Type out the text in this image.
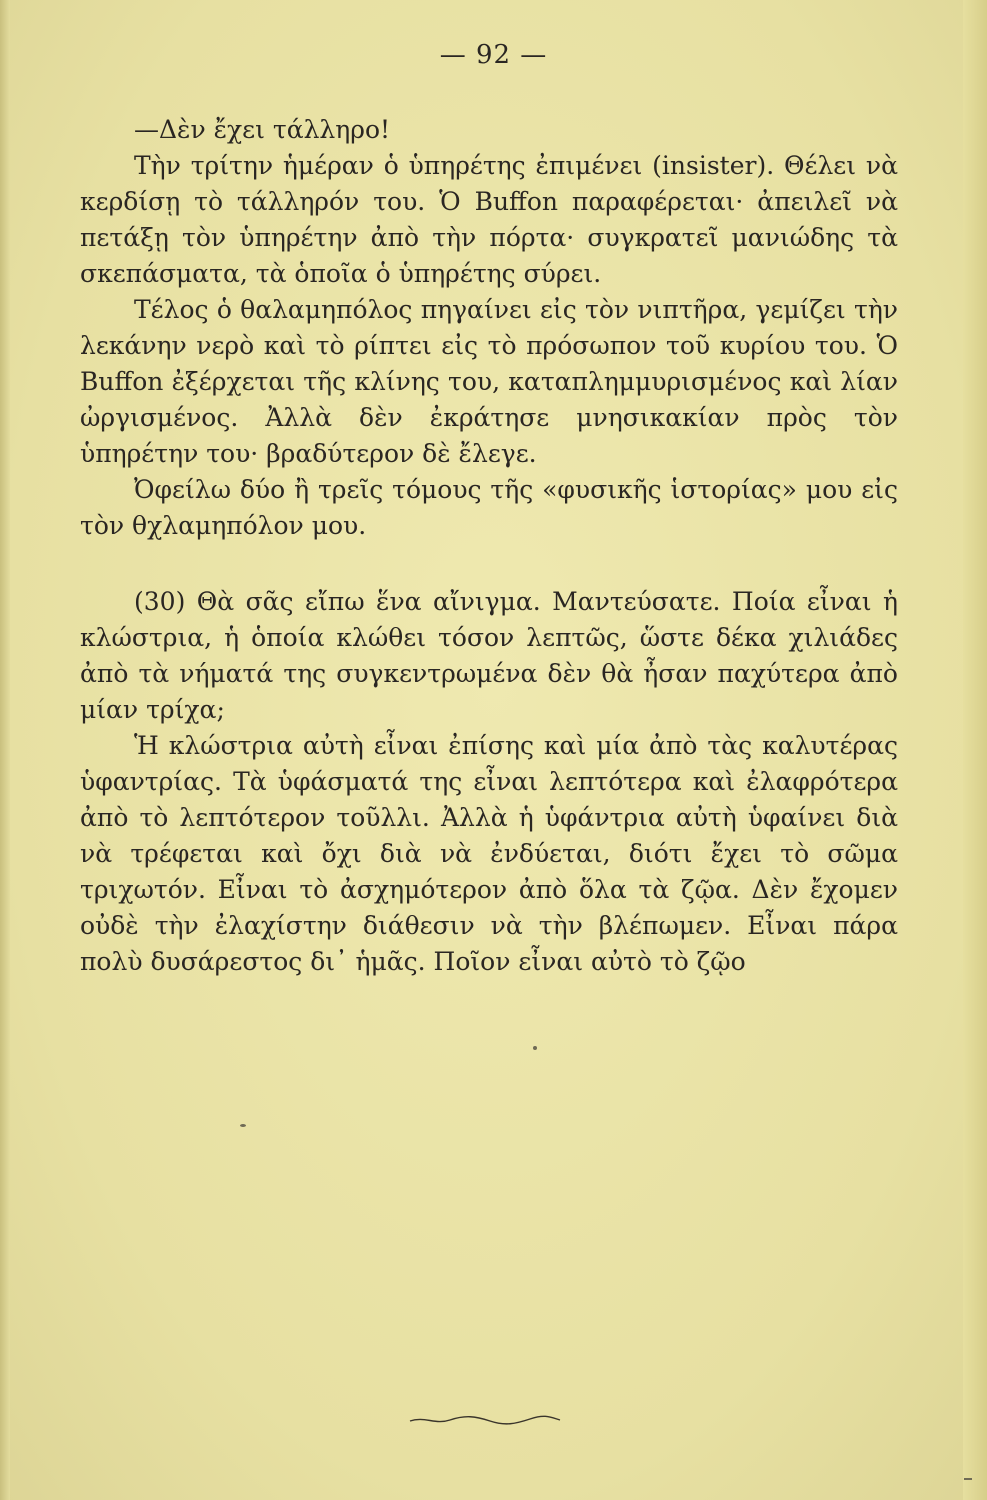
— 92 —

—Δὲν ἔχει τάλληρο!

Τὴν τρίτην ἡμέραν ὁ ὑπηρέτης ἐπιμένει (insister). Θέλει νὰ κερδίσῃ τὸ τάλληρόν του. Ὁ Buffon παραφέρεται· ἀπειλεῖ νὰ πετάξῃ τὸν ὑπηρέτην ἀπὸ τὴν πόρτα· συγκρατεῖ μανιώδης τὰ σκεπάσματα, τὰ ὁποῖα ὁ ὑπηρέτης σύρει.

Τέλος ὁ θαλαμηπόλος πηγαίνει εἰς τὸν νιπτῆρα, γεμίζει τὴν λεκάνην νερὸ καὶ τὸ ρίπτει εἰς τὸ πρόσωπον τοῦ κυρίου του. Ὁ Buffon ἐξέρχεται τῆς κλίνης του, καταπλημμυρισμένος καὶ λίαν ὠργισμένος. Ἀλλὰ δὲν ἐκράτησε μνησικακίαν πρὸς τὸν ὑπηρέτην του· βραδύτερον δὲ ἔλεγε.

Ὀφείλω δύο ἢ τρεῖς τόμους τῆς «φυσικῆς ἱστορίας» μου εἰς τὸν θχλαμηπόλον μου.

(30) Θὰ σᾶς εἴπω ἕνα αἴνιγμα. Μαντεύσατε. Ποία εἶναι ἡ κλώστρια, ἡ ὁποία κλώθει τόσον λεπτῶς, ὥστε δέκα χιλιάδες ἀπὸ τὰ νήματά της συγκεντρωμένα δὲν θὰ ἦσαν παχύτερα ἀπὸ μίαν τρίχα;

Ἡ κλώστρια αὐτὴ εἶναι ἐπίσης καὶ μία ἀπὸ τὰς καλυτέρας ὑφαντρίας. Τὰ ὑφάσματά της εἶναι λεπτότερα καὶ ἐλαφρότερα ἀπὸ τὸ λεπτότερον τοῦλλι. Ἀλλὰ ἡ ὑφάντρια αὐτὴ ὑφαίνει διὰ νὰ τρέφεται καὶ ὄχι διὰ νὰ ἐνδύεται, διότι ἔχει τὸ σῶμα τριχωτόν. Εἶναι τὸ ἀσχημότερον ἀπὸ ὅλα τὰ ζῷα. Δὲν ἔχομεν οὐδὲ τὴν ἐλαχίστην διάθεσιν νὰ τὴν βλέπωμεν. Εἶναι πάρα πολὺ δυσάρεστος δι᾽ ἡμᾶς. Ποῖον εἶναι αὐτὸ τὸ ζῷο
